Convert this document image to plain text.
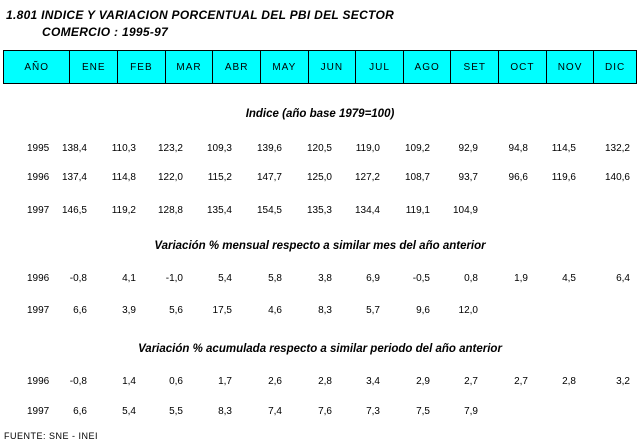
1.801 INDICE Y VARIACION PORCENTUAL DEL PBI DEL SECTOR
COMERCIO : 1995-97
AÑO	ENE	FEB	MAR	ABR	MAY	JUN	JUL	AGO	SET	OCT	NOV	DIC
Indice (año base 1979=100)
1995	138,4	110,3	123,2	109,3	139,6	120,5	119,0	109,2	92,9	94,8	114,5	132,2
1996	137,4	114,8	122,0	115,2	147,7	125,0	127,2	108,7	93,7	96,6	119,6	140,6
1997	146,5	119,2	128,8	135,4	154,5	135,3	134,4	119,1	104,9
Variación % mensual respecto a similar mes del año anterior
1996	-0,8	4,1	-1,0	5,4	5,8	3,8	6,9	-0,5	0,8	1,9	4,5	6,4
1997	6,6	3,9	5,6	17,5	4,6	8,3	5,7	9,6	12,0
Variación % acumulada respecto a similar periodo del año anterior
1996	-0,8	1,4	0,6	1,7	2,6	2,8	3,4	2,9	2,7	2,7	2,8	3,2
1997	6,6	5,4	5,5	8,3	7,4	7,6	7,3	7,5	7,9
FUENTE: SNE - INEI
